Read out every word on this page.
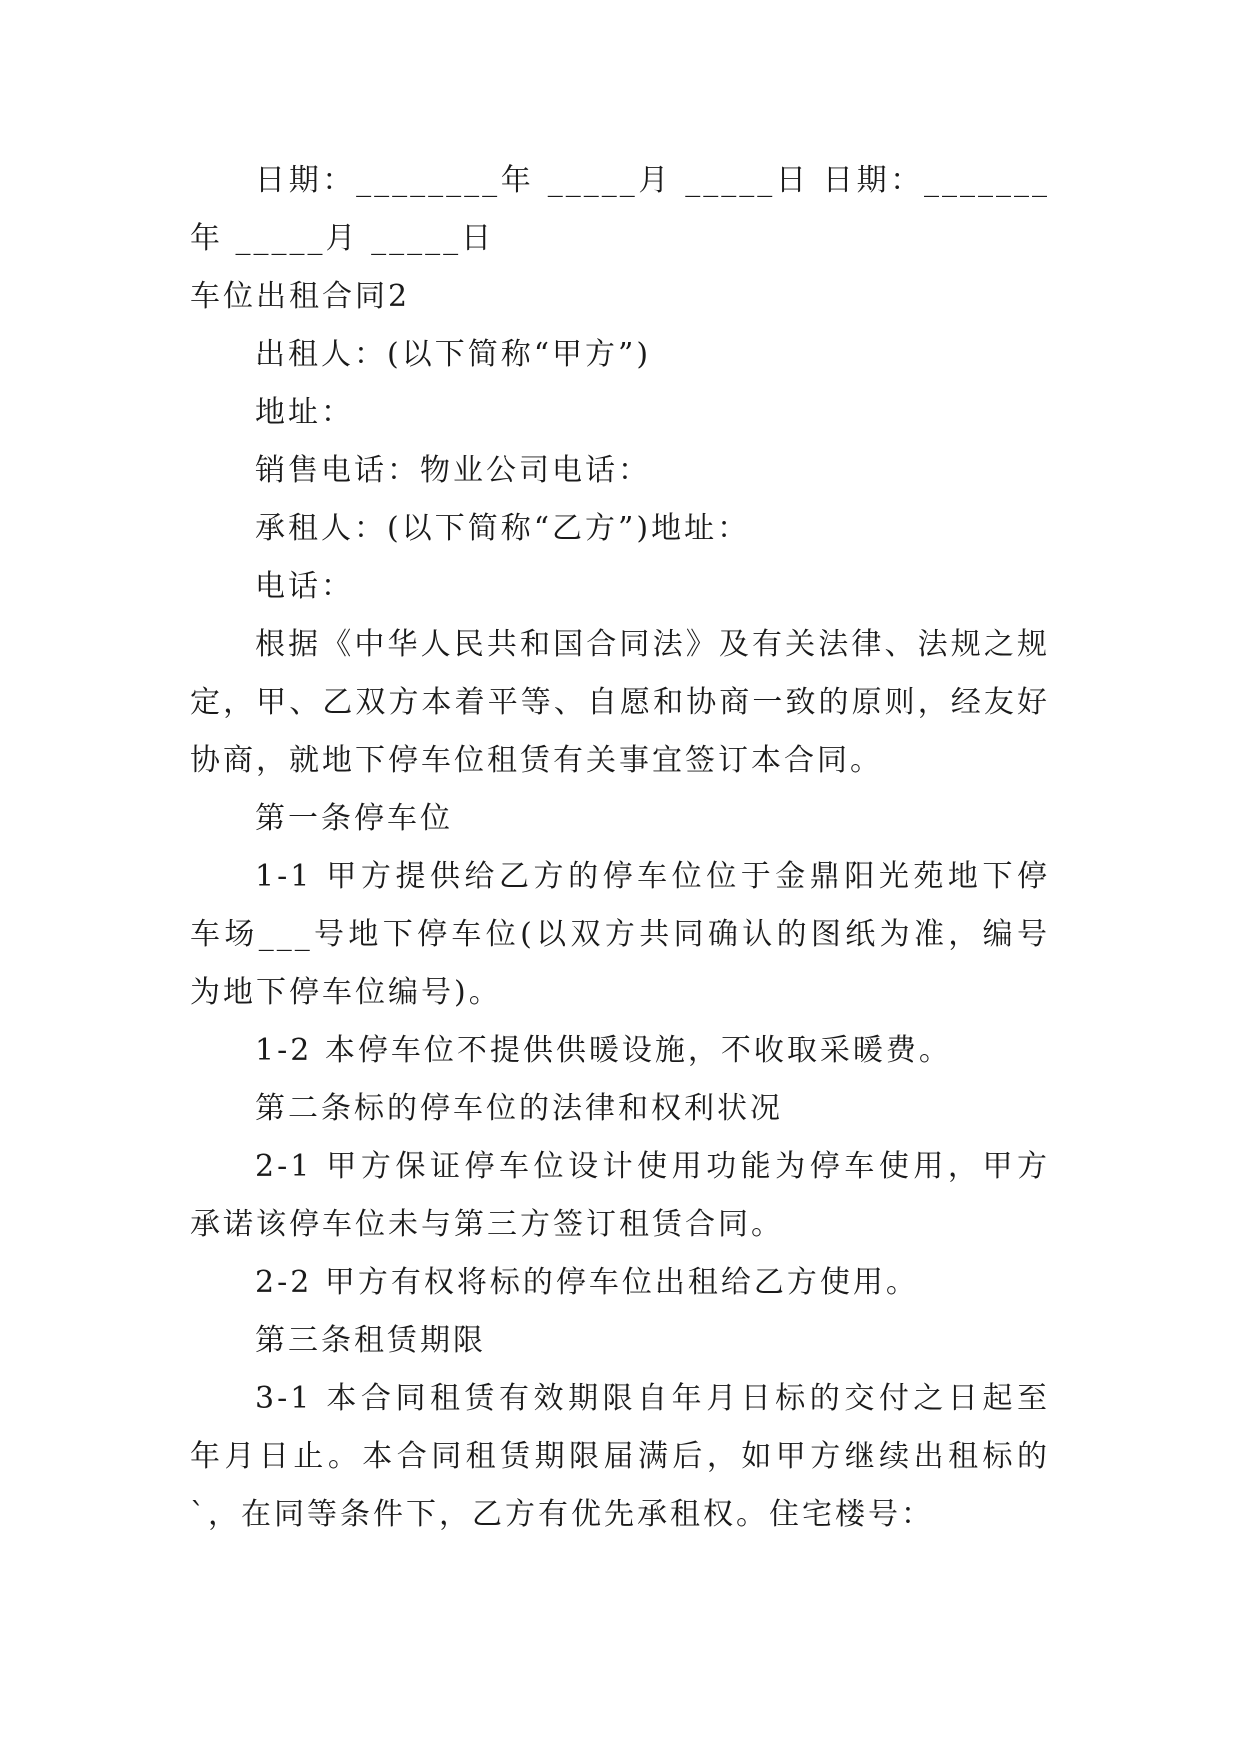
日期：________年 _____月 _____日 日期：_______年 _____月 _____日

车位出租合同2

出租人：(以下简称“甲方”)

地址：

销售电话：物业公司电话：

承租人：(以下简称“乙方”)地址：

电话：

根据《中华人民共和国合同法》及有关法律、法规之规定，甲、乙双方本着平等、自愿和协商一致的原则，经友好协商，就地下停车位租赁有关事宜签订本合同。

第一条停车位

1-1 甲方提供给乙方的停车位位于金鼎阳光苑地下停车场___号地下停车位(以双方共同确认的图纸为准，编号为地下停车位编号)。

1-2 本停车位不提供供暖设施，不收取采暖费。

第二条标的停车位的法律和权利状况

2-1 甲方保证停车位设计使用功能为停车使用，甲方承诺该停车位未与第三方签订租赁合同。

2-2 甲方有权将标的停车位出租给乙方使用。

第三条租赁期限

3-1 本合同租赁有效期限自年月日标的交付之日起至年月日止。本合同租赁期限届满后，如甲方继续出租标的`，在同等条件下，乙方有优先承租权。住宅楼号：
